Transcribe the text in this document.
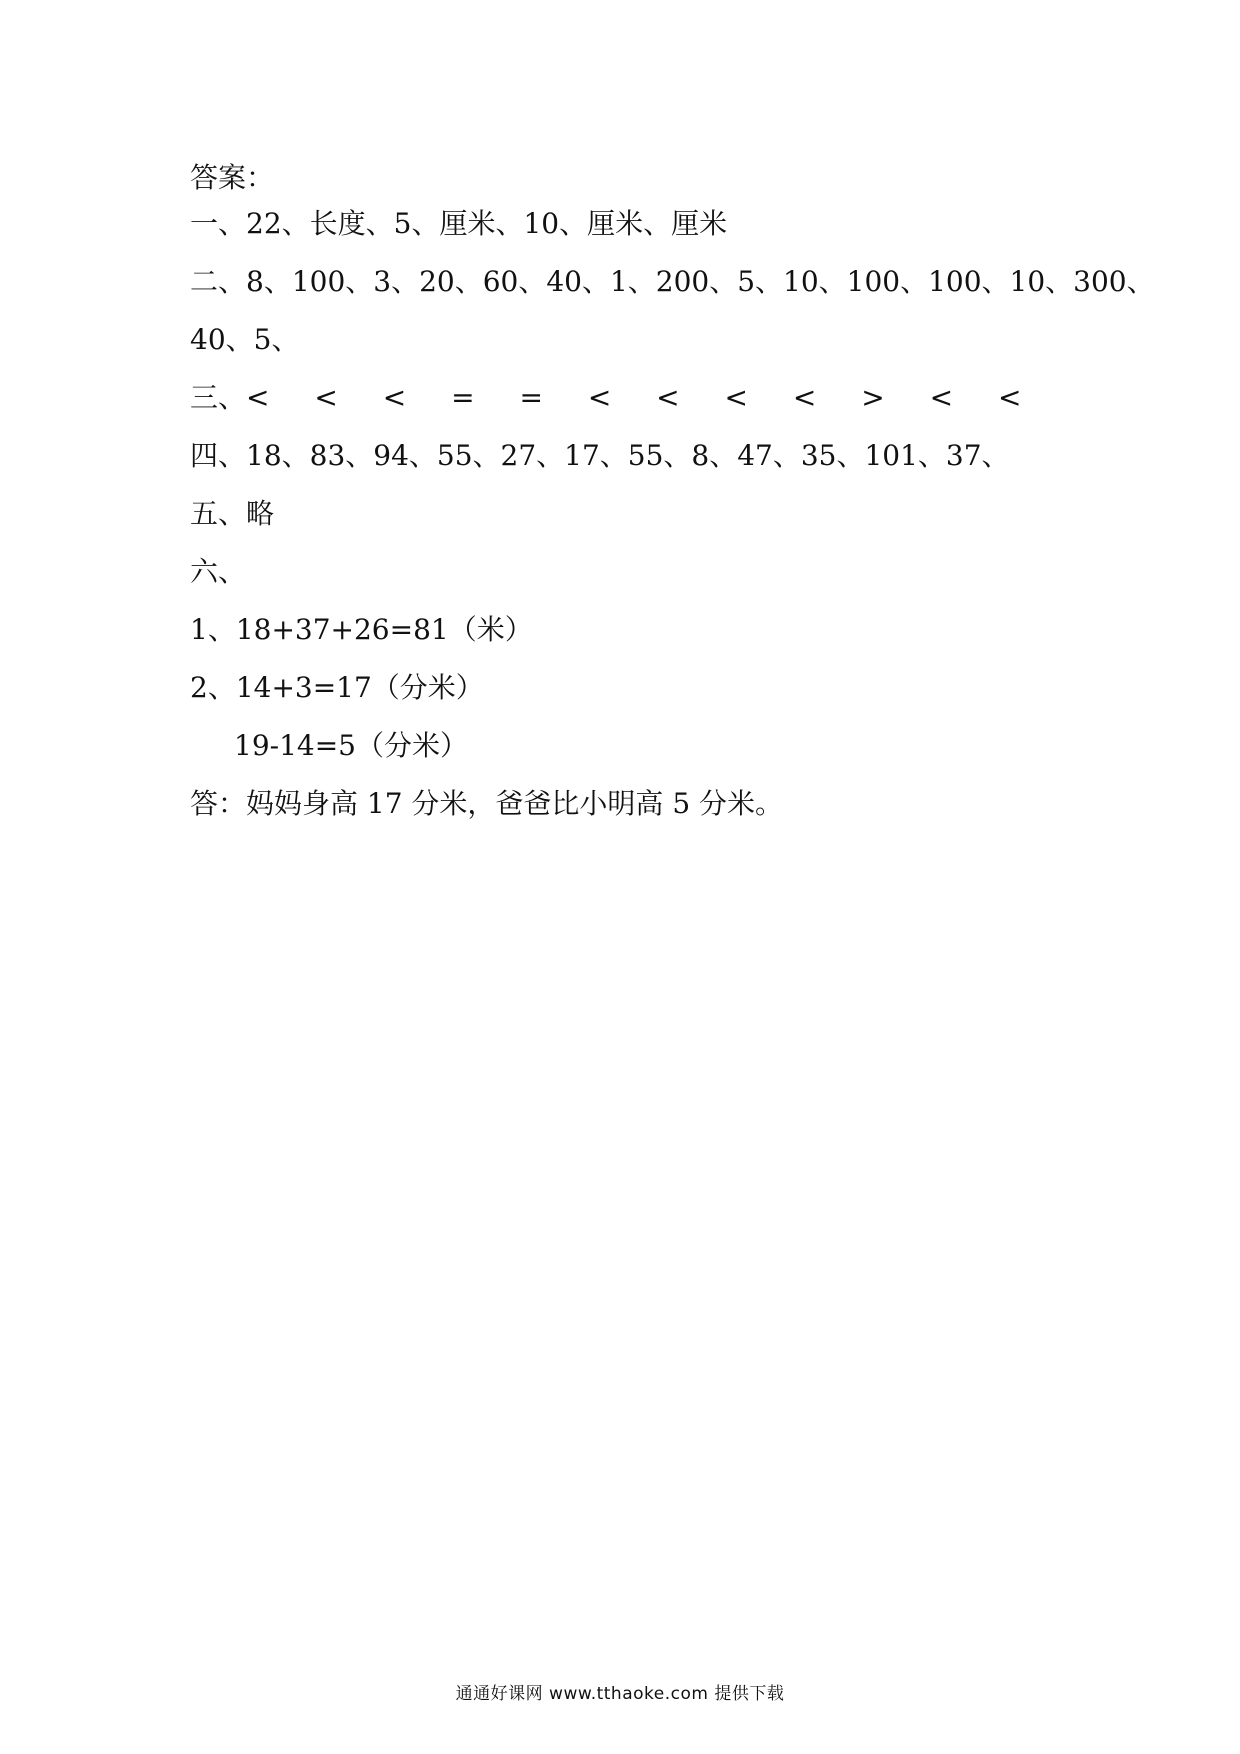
答案：
一、22、长度、5、厘米、10、厘米、厘米
二、8、100、3、20、60、40、1、200、5、10、100、100、10、300、
40、5、
三、< < < = = < < < < > < <
四、18、83、94、55、27、17、55、8、47、35、101、37、
五、略
六、
1、18+37+26=81（米）
2、14+3=17（分米）
19-14=5（分米）
答：妈妈身高 17 分米，爸爸比小明高 5 分米。
通通好课网 www.tthaoke.com 提供下载
